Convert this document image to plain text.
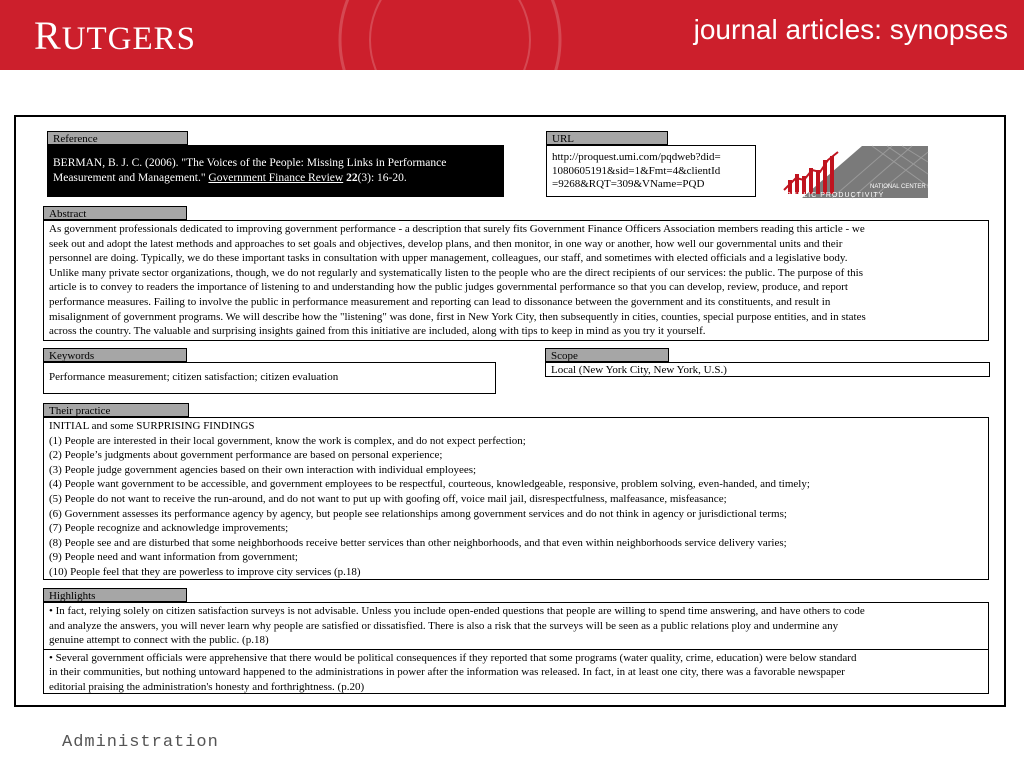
RUTGERS	journal articles: synopses
Reference
BERMAN, B. J. C. (2006). "The Voices of the People: Missing Links in Performance Measurement and Management." Government Finance Review 22(3): 16-20.
URL
http://proquest.umi.com/pqdweb?did=
1080605191&sid=1&Fmt=4&clientId
=9268&RQT=309&VName=PQD	NATIONAL CENTER FOR
PUBLIC PRODUCTIVITY
Abstract
As government professionals dedicated to improving government performance - a description that surely fits Government Finance Officers Association members reading this article - we
seek out and adopt the latest methods and approaches to set goals and objectives, develop plans, and then monitor, in one way or another, how well our governmental units and their
personnel are doing. Typically, we do these important tasks in consultation with upper management, colleagues, our staff, and sometimes with elected officials and a legislative body.
Unlike many private sector organizations, though, we do not regularly and systematically listen to the people who are the direct recipients of our services: the public. The purpose of this
article is to convey to readers the importance of listening to and understanding how the public judges governmental performance so that you can develop, review, produce, and report
performance measures. Failing to involve the public in performance measurement and reporting can lead to dissonance between the government and its constituents, and result in
misalignment of government programs. We will describe how the "listening" was done, first in New York City, then subsequently in cities, counties, special purpose entities, and in states
across the country. The valuable and surprising insights gained from this initiative are included, along with tips to keep in mind as you try it yourself.
Keywords
Performance measurement; citizen satisfaction; citizen evaluation
Scope
Local (New York City, New York, U.S.)
Their practice
INITIAL and some SURPRISING FINDINGS
(1) People are interested in their local government, know the work is complex, and do not expect perfection;
(2) People’s judgments about government performance are based on personal experience;
(3) People judge government agencies based on their own interaction with individual employees;
(4) People want government to be accessible, and government employees to be respectful, courteous, knowledgeable, responsive, problem solving, even-handed, and timely;
(5) People do not want to receive the run-around, and do not want to put up with goofing off, voice mail jail, disrespectfulness, malfeasance, misfeasance;
(6) Government assesses its performance agency by agency, but people see relationships among government services and do not think in agency or jurisdictional terms;
(7) People recognize and acknowledge improvements;
(8) People see and are disturbed that some neighborhoods receive better services than other neighborhoods, and that even within neighborhoods service delivery varies;
(9) People need and want information from government;
(10) People feel that they are powerless to improve city services (p.18)
Highlights
• In fact, relying solely on citizen satisfaction surveys is not advisable. Unless you include open-ended questions that people are willing to spend time answering, and have others to code
and analyze the answers, you will never learn why people are satisfied or dissatisfied. There is also a risk that the surveys will be seen as a public relations ploy and undermine any
genuine attempt to connect with the public. (p.18)
• Several government officials were apprehensive that there would be political consequences if they reported that some programs (water quality, crime, education) were below standard
in their communities, but nothing untoward happened to the administrations in power after the information was released. In fact, in at least one city, there was a favorable newspaper
editorial praising the administration's honesty and forthrightness. (p.20)
Administration
